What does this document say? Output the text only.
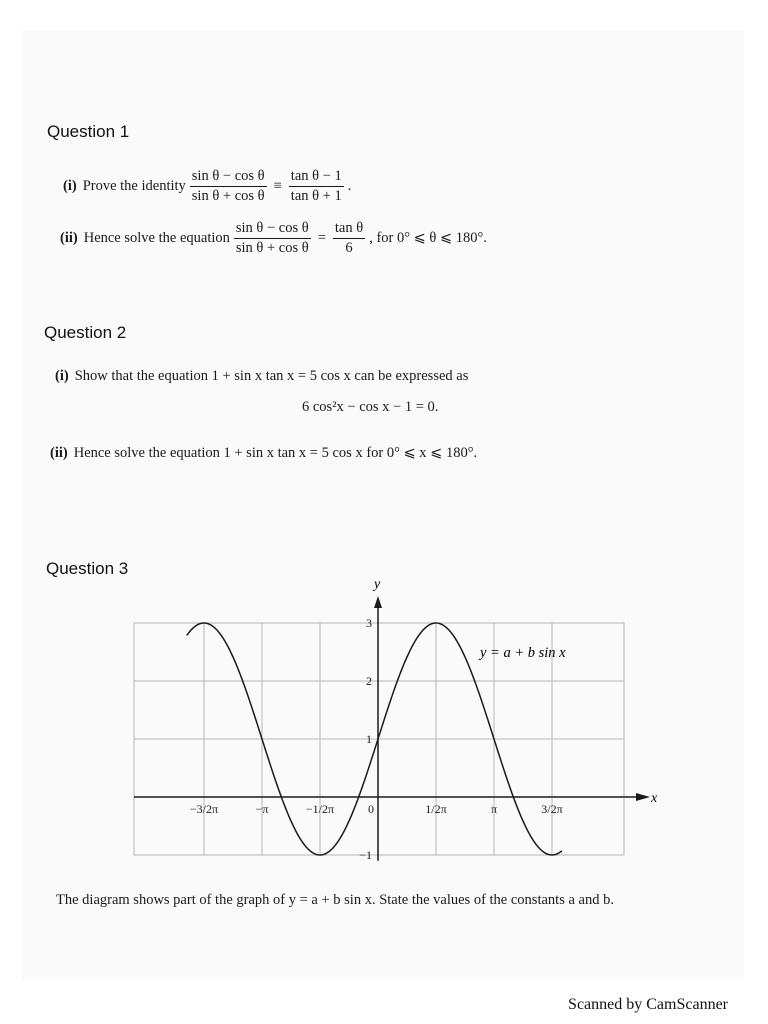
Question 1
(i) Prove the identity $\frac{\text{sin θ − cos θ}}{\text{sin θ + cos θ}} \equiv \frac{\text{tan θ − 1}}{\text{tan θ + 1}}$ .
(ii) Hence solve the equation $\frac{\text{sin θ − cos θ}}{\text{sin θ + cos θ}} = \frac{\text{tan θ}}{6}$ , for 0° ⩽ θ ⩽ 180°.
Question 2
(i) Show that the equation 1 + sin x tan x = 5 cos x can be expressed as
6 cos²x − cos x − 1 = 0.
(ii) Hence solve the equation 1 + sin x tan x = 5 cos x for 0° ⩽ x ⩽ 180°.
Question 3
−3/2π	−π	−1/2π	0	1/2π	π	3/2π
−1
1
2
3
y = a + b sin x
x
y
The diagram shows part of the graph of y = a + b sin x. State the values of the constants a and b.
Scanned by CamScanner
